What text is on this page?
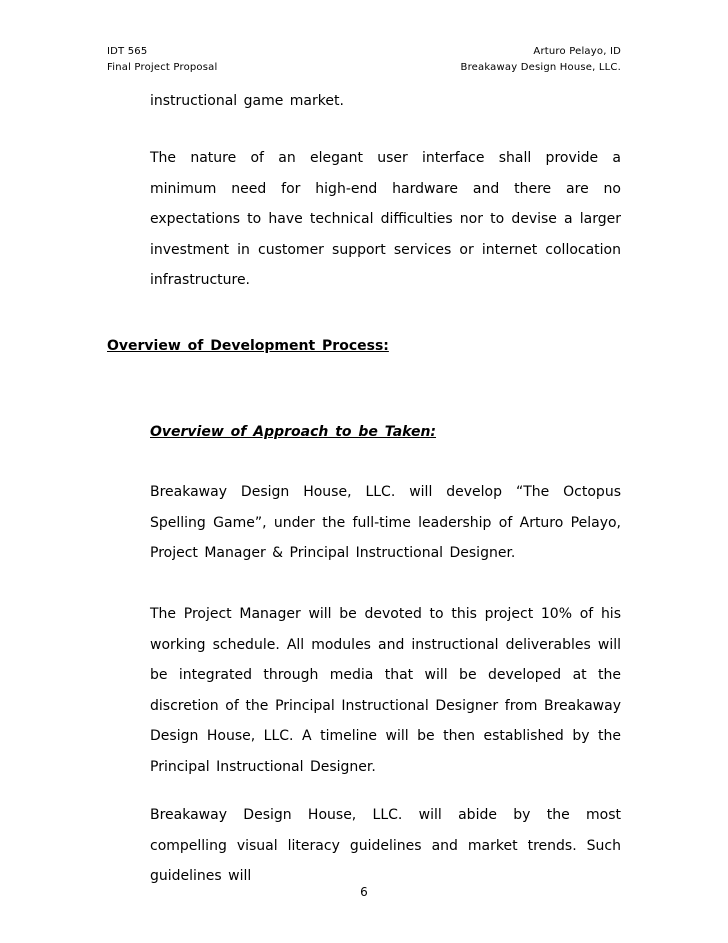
IDT 565
Final Project Proposal
Arturo Pelayo, ID
Breakaway Design House, LLC.

instructional game market.

The nature of an elegant user interface shall provide a minimum need for high-end hardware and there are no expectations to have technical difficulties nor to devise a larger investment in customer support services or internet collocation infrastructure.

Overview of Development Process:
Overview of Approach to be Taken:

Breakaway Design House, LLC. will develop “The Octopus Spelling Game”, under the full-time leadership of Arturo Pelayo, Project Manager & Principal Instructional Designer.

The Project Manager will be devoted to this project 10% of his working schedule. All modules and instructional deliverables will be integrated through media that will be developed at the discretion of the Principal Instructional Designer from Breakaway Design House, LLC. A timeline will be then established by the Principal Instructional Designer.

Breakaway Design House, LLC. will abide by the most compelling visual literacy guidelines and market trends. Such guidelines will

6
